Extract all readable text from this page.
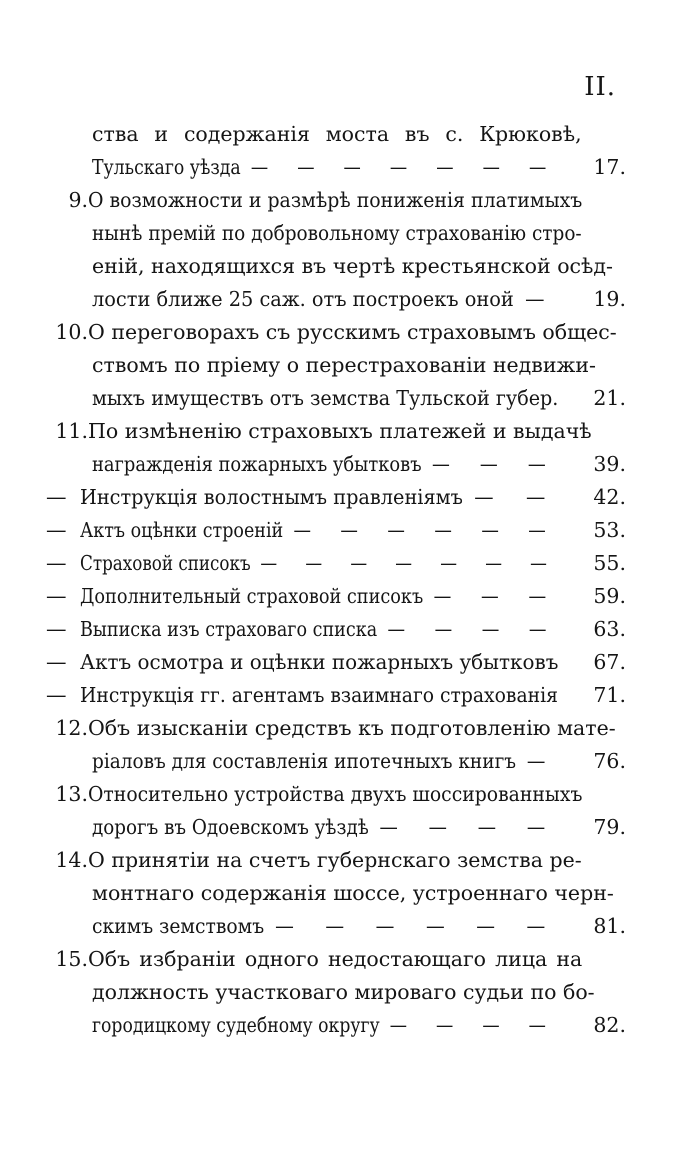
II.
ства и содержанія моста въ с. Крюковѣ,
Тульскаго уѣзда — — — — — — — 17.
9. О возможности и размѣрѣ пониженія платимыхъ
нынѣ премій по добровольному страхованію стро-
еній, находящихся въ чертѣ крестьянской осѣд-
лости ближе 25 саж. отъ построекъ оной — 19.
10. О переговорахъ съ русскимъ страховымъ общес-
ствомъ по пріему о перестрахованіи недвижи-
мыхъ имуществъ отъ земства Тульской губер. 21.
11. По измѣненію страховыхъ платежей и выдачѣ
награжденія пожарныхъ убытковъ — — — 39.
— Инструкція волостнымъ правленіямъ — — 42.
— Актъ оцѣнки строеній — — — — — — 53.
— Страховой списокъ — — — — — — — 55.
— Дополнительный страховой списокъ — — — 59.
— Выписка изъ страховаго списка — — — — 63.
— Актъ осмотра и оцѣнки пожарныхъ убытковъ 67.
— Инструкція гг. агентамъ взаимнаго страхованія 71.
12. Объ изысканіи средствъ къ подготовленію мате-
ріаловъ для составленія ипотечныхъ книгъ — 76.
13. Относительно устройства двухъ шоссированныхъ
дорогъ въ Одоевскомъ уѣздѣ — — — — 79.
14. О принятіи на счетъ губернскаго земства ре-
монтнаго содержанія шоссе, устроеннаго черн-
скимъ земствомъ — — — — — — 81.
15. Объ избраніи одного недостающаго лица на
должность участковаго мироваго судьи по бо-
городицкому судебному округу — — — — 82.
